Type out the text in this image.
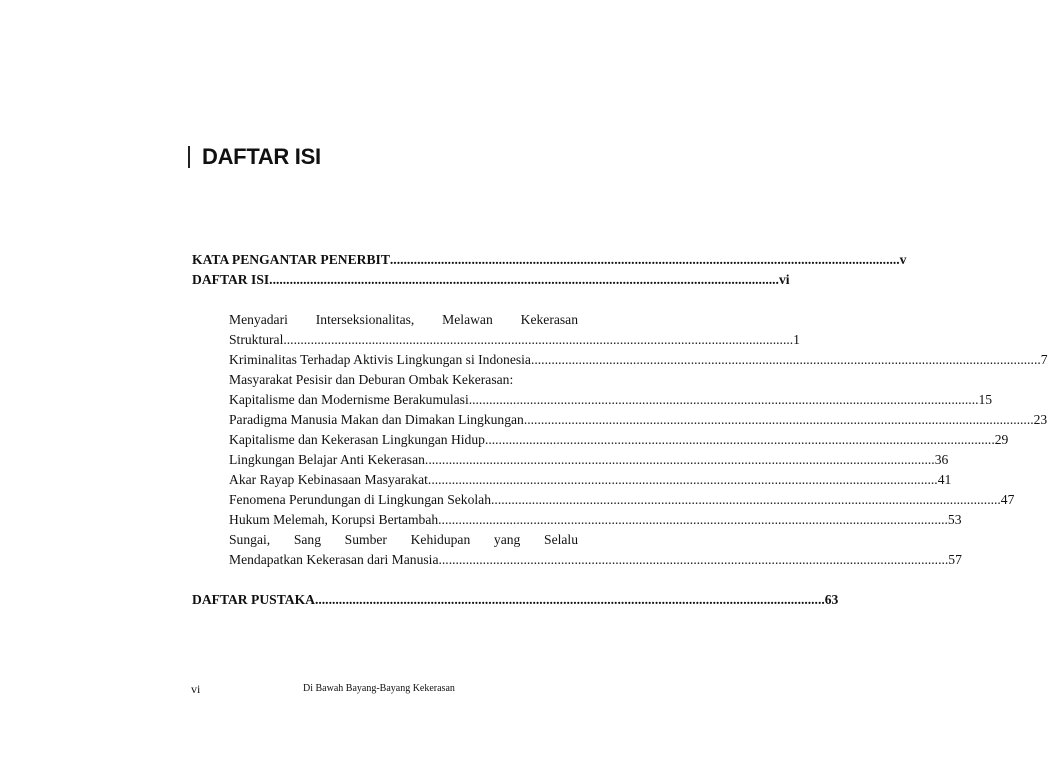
DAFTAR ISI
KATA PENGANTAR PENERBIT .....	v
DAFTAR ISI .....	vi
Menyadari Interseksionalitas, Melawan Kekerasan
Struktural .....	1
Kriminalitas Terhadap Aktivis Lingkungan si Indonesia .....	7
Masyarakat Pesisir dan Deburan Ombak Kekerasan:
Kapitalisme dan Modernisme Berakumulasi .....	15
Paradigma Manusia Makan dan Dimakan Lingkungan .....	23
Kapitalisme dan Kekerasan Lingkungan Hidup .....	29
Lingkungan Belajar Anti Kekerasan .....	36
Akar Rayap Kebinasaan Masyarakat .....	41
Fenomena Perundungan di Lingkungan Sekolah .....	47
Hukum Melemah, Korupsi Bertambah .....	53
Sungai, Sang Sumber Kehidupan yang Selalu
Mendapatkan Kekerasan dari Manusia .....	57
DAFTAR PUSTAKA .....	63
vi	Di Bawah Bayang-Bayang Kekerasan
